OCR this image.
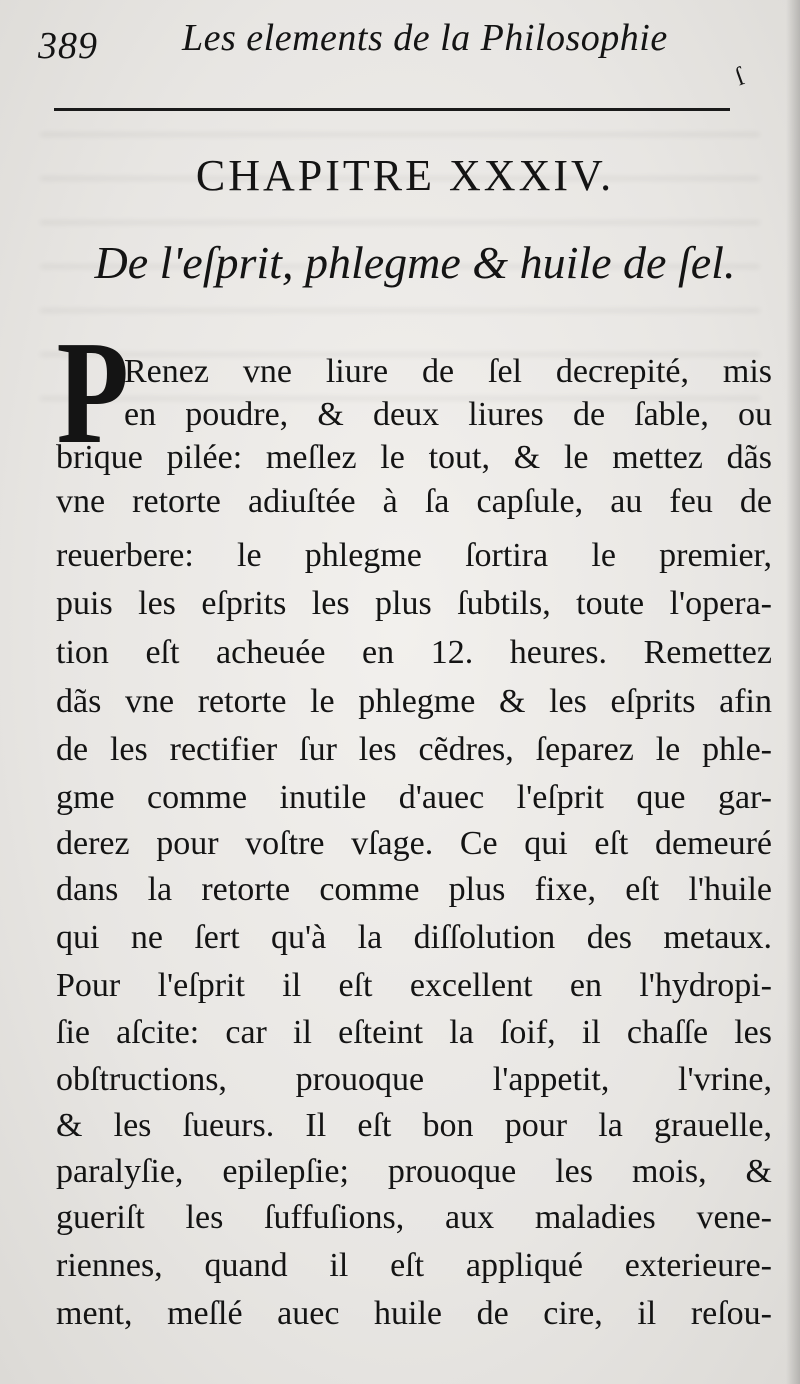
389 Les elements de la Philosophie
ſ
CHAPITRE XXXIV.
De l'eſprit, phlegme & huile de ſel.
P

Renez vne liure de ſel decrepité, mis

en poudre, & deux liures de ſable, ou

brique pilée: meſlez le tout, & le mettez dãs

vne retorte adiuſtée à ſa capſule, au feu de

reuerbere: le phlegme ſortira le premier,

puis les eſprits les plus ſubtils, toute l'opera-

tion eſt acheuée en 12. heures. Remettez

dãs vne retorte le phlegme & les eſprits afin

de les rectifier ſur les cẽdres, ſeparez le phle-

gme comme inutile d'auec l'eſprit que gar-

derez pour voſtre vſage. Ce qui eſt demeuré

dans la retorte comme plus fixe, eſt l'huile

qui ne ſert qu'à la diſſolution des metaux.

Pour l'eſprit il eſt excellent en l'hydropi-

ſie aſcite: car il eſteint la ſoif, il chaſſe les

obſtructions, prouoque l'appetit, l'vrine,

& les ſueurs. Il eſt bon pour la grauelle,

paralyſie, epilepſie; prouoque les mois, &

gueriſt les ſuffuſions, aux maladies vene-

riennes, quand il eſt appliqué exterieure-

ment, meſlé auec huile de cire, il reſou-
